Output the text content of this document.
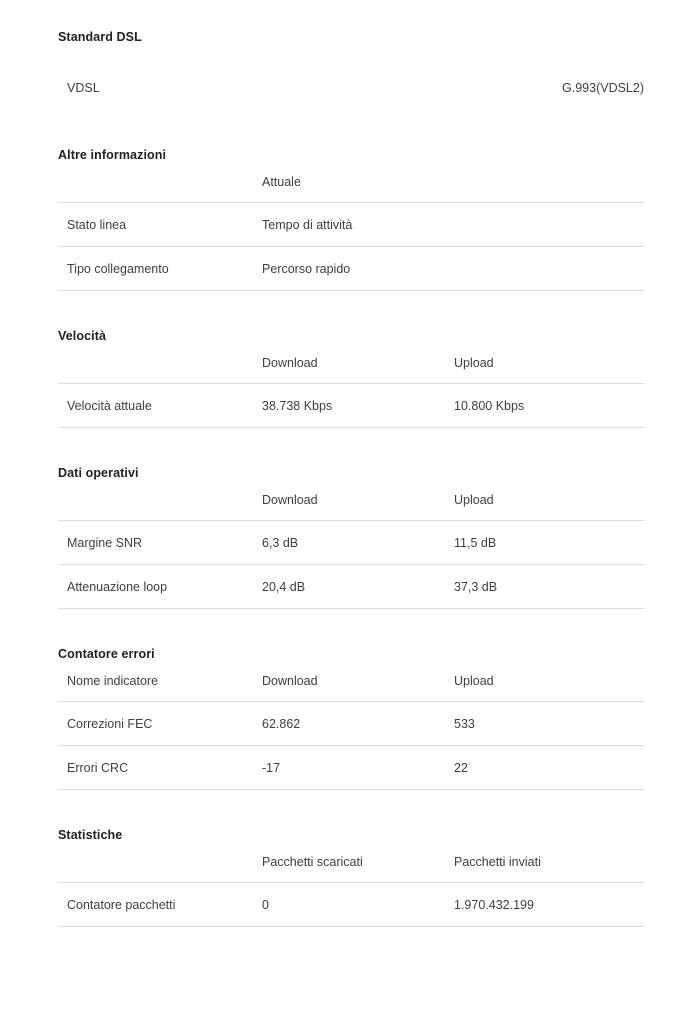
Standard DSL
VDSL	G.993(VDSL2)
Altre informazioni
	Attuale	

Stato linea	Tempo di attività	
Tipo collegamento	Percorso rapido	
Velocità
	Download	Upload

Velocità attuale	38.738 Kbps	10.800 Kbps
Dati operativi
	Download	Upload

Margine SNR	6,3 dB	11,5 dB
Attenuazione loop	20,4 dB	37,3 dB
Contatore errori
Nome indicatore	Download	Upload

Correzioni FEC	62.862	533
Errori CRC	-17	22
Statistiche
	Pacchetti scaricati	Pacchetti inviati

Contatore pacchetti	0	1.970.432.199
